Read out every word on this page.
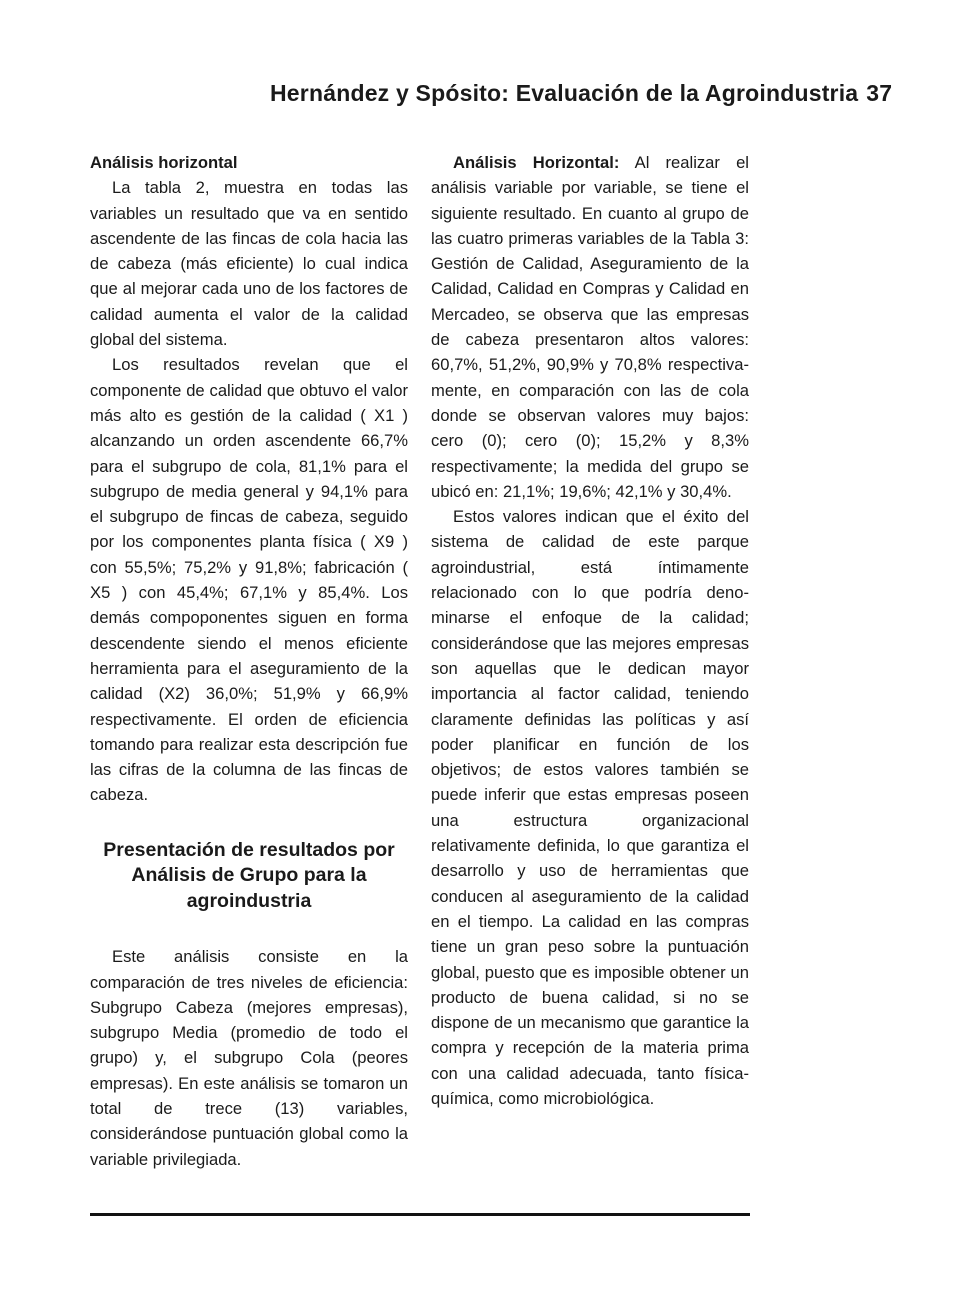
Hernández y Spósito: Evaluación de la Agroindustria 37

Análisis horizontal

La tabla 2, muestra en todas las variables un resultado que va en sentido ascendente de las fincas de cola hacia las de cabeza (más eficiente) lo cual indica que al mejorar cada uno de los factores de calidad aumenta el valor de la calidad global del sistema.

Los resultados revelan que el componente de calidad que obtuvo el valor más alto es gestión de la calidad ( X1 ) alcanzando un orden ascendente 66,7% para el subgrupo de cola, 81,1% para el subgrupo de media general y 94,1% para el subgrupo de fincas de cabeza, seguido por los componentes planta física ( X9 ) con 55,5%; 75,2% y 91,8%; fabricación ( X5 ) con 45,4%; 67,1% y 85,4%. Los demás compoponentes siguen en forma descendente siendo el menos eficiente herramienta para el aseguramiento de la calidad (X2) 36,0%; 51,9% y 66,9% respectivamente. El orden de eficiencia tomando para realizar esta descripción fue las cifras de la columna de las fincas de cabeza.

Presentación de resultados por
Análisis de Grupo para la
agroindustria

Este análisis consiste en la comparación de tres niveles de eficiencia: Subgrupo Cabeza (mejores empresas), subgrupo Media (promedio de todo el grupo) y, el subgrupo Cola (peores empresas). En este análisis se tomaron un total de trece (13) variables, considerándose puntuación global como la variable privilegiada.

Análisis Horizontal: Al realizar el análisis variable por variable, se tiene el siguiente resultado. En cuanto al grupo de las cuatro primeras variables de la Tabla 3: Gestión de Calidad, Aseguramiento de la Calidad, Calidad en Compras y Calidad en Mercadeo, se observa que las empresas de cabeza presentaron altos valores: 60,7%, 51,2%, 90,9% y 70,8% respectivamente, en comparación con las de cola donde se observan valores muy bajos: cero (0); cero (0); 15,2% y 8,3% respectivamente; la medida del grupo se ubicó en: 21,1%; 19,6%; 42,1% y 30,4%.

Estos valores indican que el éxito del sistema de calidad de este parque agroindustrial, está íntimamente relacionado con lo que podría denominarse el enfoque de la calidad; considerándose que las mejores empresas son aquellas que le dedican mayor importancia al factor calidad, teniendo claramente definidas las políticas y así poder planificar en función de los objetivos; de estos valores también se puede inferir que estas empresas poseen una estructura organizacional relativamente definida, lo que garantiza el desarrollo y uso de herramientas que conducen al aseguramiento de la calidad en el tiempo. La calidad en las compras tiene un gran peso sobre la puntuación global, puesto que es imposible obtener un producto de buena calidad, si no se dispone de un mecanismo que garantice la compra y recepción de la materia prima con una calidad adecuada, tanto física-química, como microbiológica.
